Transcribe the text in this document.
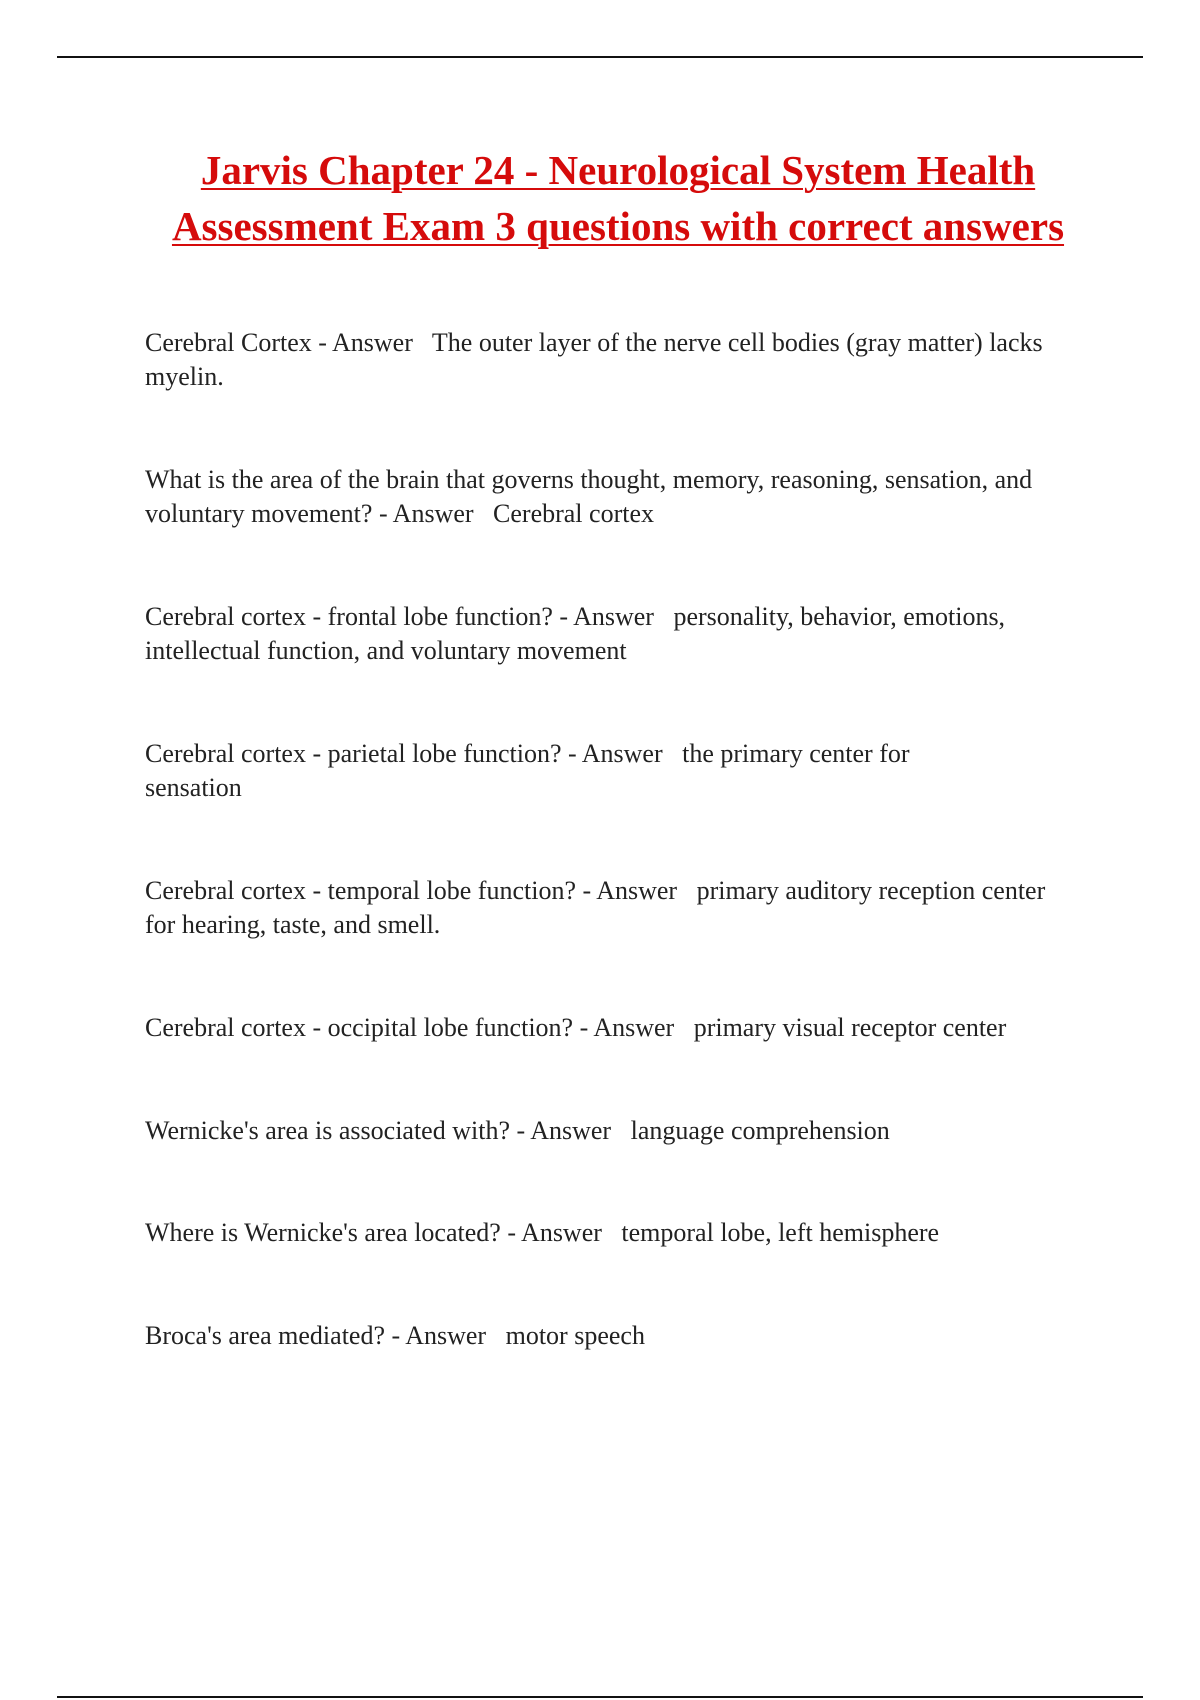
Jarvis Chapter 24 - Neurological System Health Assessment Exam 3 questions with correct answers

Cerebral Cortex - Answer   The outer layer of the nerve cell bodies (gray matter) lacks myelin.

What is the area of the brain that governs thought, memory, reasoning, sensation, and voluntary movement? - Answer   Cerebral cortex

Cerebral cortex - frontal lobe function? - Answer   personality, behavior, emotions, intellectual function, and voluntary movement

Cerebral cortex - parietal lobe function? - Answer   the primary center for sensation

Cerebral cortex - temporal lobe function? - Answer   primary auditory reception center for hearing, taste, and smell.

Cerebral cortex - occipital lobe function? - Answer   primary visual receptor center

Wernicke's area is associated with? - Answer   language comprehension

Where is Wernicke's area located? - Answer   temporal lobe, left hemisphere

Broca's area mediated? - Answer   motor speech
